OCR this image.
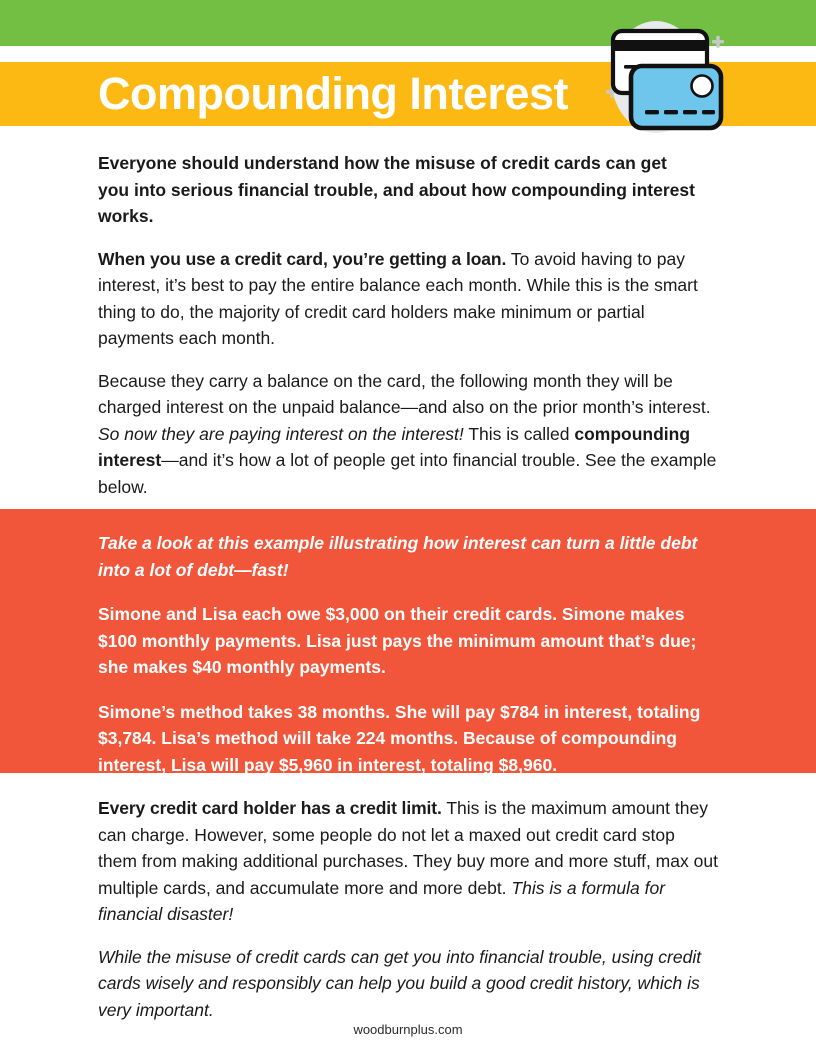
Compounding Interest

Everyone should understand how the misuse of credit cards can get you into serious financial trouble, and about how compounding interest works.

When you use a credit card, you’re getting a loan. To avoid having to pay interest, it’s best to pay the entire balance each month. While this is the smart thing to do, the majority of credit card holders make minimum or partial payments each month.

Because they carry a balance on the card, the following month they will be charged interest on the unpaid balance—and also on the prior month’s interest. So now they are paying interest on the interest! This is called compounding interest—and it’s how a lot of people get into financial trouble. See the example below.

Take a look at this example illustrating how interest can turn a little debt into a lot of debt—fast!

Simone and Lisa each owe $3,000 on their credit cards. Simone makes $100 monthly payments. Lisa just pays the minimum amount that’s due; she makes $40 monthly payments.

Simone’s method takes 38 months. She will pay $784 in interest, totaling $3,784. Lisa’s method will take 224 months. Because of compounding interest, Lisa will pay $5,960 in interest, totaling $8,960.

Every credit card holder has a credit limit. This is the maximum amount they can charge. However, some people do not let a maxed out credit card stop them from making additional purchases. They buy more and more stuff, max out multiple cards, and accumulate more and more debt. This is a formula for financial disaster!

While the misuse of credit cards can get you into financial trouble, using credit cards wisely and responsibly can help you build a good credit history, which is very important.

woodburnplus.com
